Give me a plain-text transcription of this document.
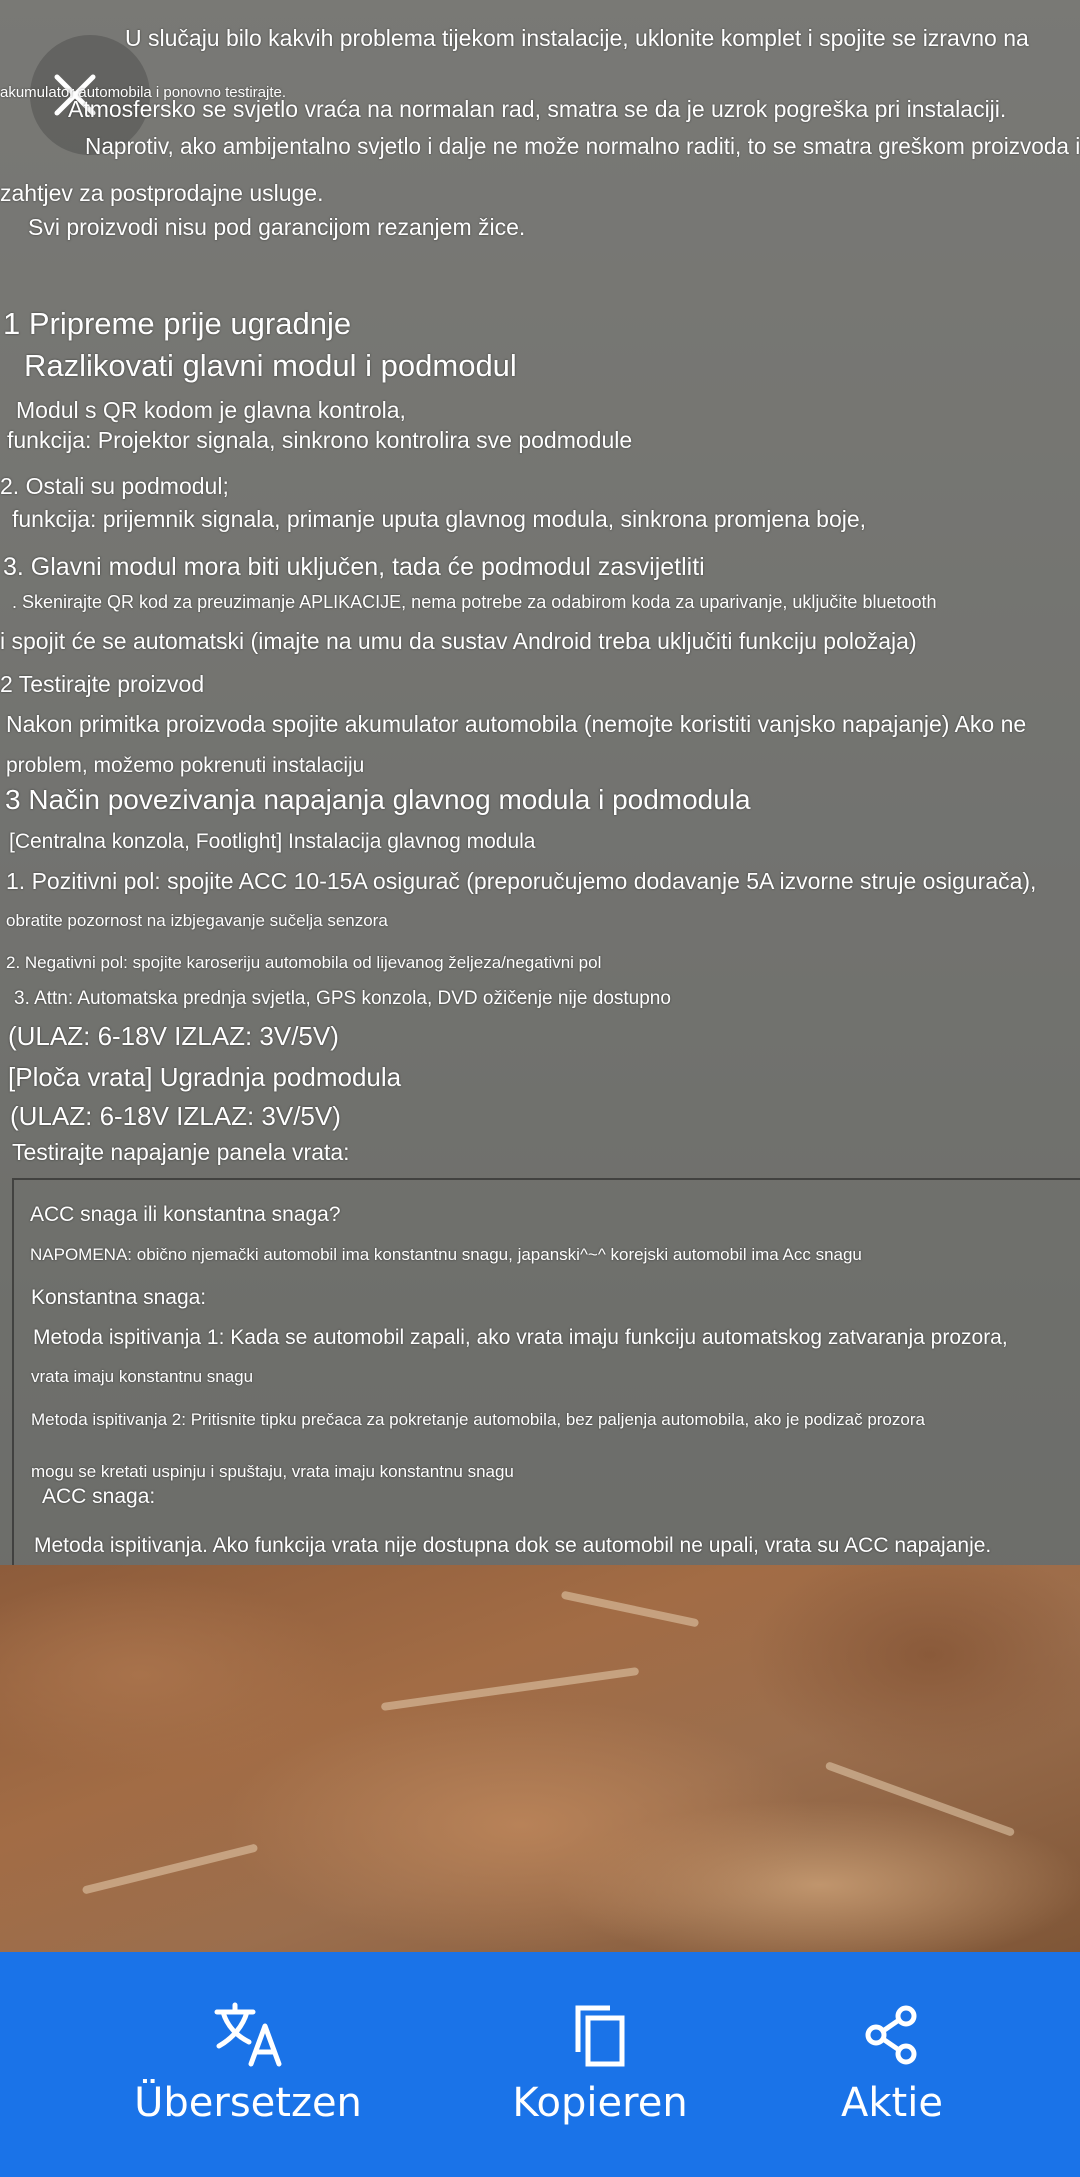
U slučaju bilo kakvih problema tijekom instalacije, uklonite komplet i spojite se izravno na
akumulator automobila i ponovno testirajte.
Atmosfersko se svjetlo vraća na normalan rad, smatra se da je uzrok pogreška pri instalaciji.
Naprotiv, ako ambijentalno svjetlo i dalje ne može normalno raditi, to se smatra greškom proizvoda i
zahtjev za postprodajne usluge.
Svi proizvodi nisu pod garancijom rezanjem žice.
1 Pripreme prije ugradnje
Razlikovati glavni modul i podmodul
Modul s QR kodom je glavna kontrola,
funkcija: Projektor signala, sinkrono kontrolira sve podmodule
2. Ostali su podmodul;
funkcija: prijemnik signala, primanje uputa glavnog modula, sinkrona promjena boje,
3. Glavni modul mora biti uključen, tada će podmodul zasvijetliti
. Skenirajte QR kod za preuzimanje APLIKACIJE, nema potrebe za odabirom koda za uparivanje, uključite bluetooth
i spojit će se automatski (imajte na umu da sustav Android treba uključiti funkciju položaja)
2 Testirajte proizvod
Nakon primitka proizvoda spojite akumulator automobila (nemojte koristiti vanjsko napajanje) Ako ne
problem, možemo pokrenuti instalaciju
3 Način povezivanja napajanja glavnog modula i podmodula
[Centralna konzola, Footlight] Instalacija glavnog modula
1. Pozitivni pol: spojite ACC 10-15A osigurač (preporučujemo dodavanje 5A izvorne struje osigurača),
obratite pozornost na izbjegavanje sučelja senzora
2. Negativni pol: spojite karoseriju automobila od lijevanog željeza/negativni pol
3. Attn: Automatska prednja svjetla, GPS konzola, DVD ožičenje nije dostupno
(ULAZ: 6-18V IZLAZ: 3V/5V)
[Ploča vrata] Ugradnja podmodula
(ULAZ: 6-18V IZLAZ: 3V/5V)
Testirajte napajanje panela vrata:
ACC snaga ili konstantna snaga?
NAPOMENA: obično njemački automobil ima konstantnu snagu, japanski^~^ korejski automobil ima Acc snagu
Konstantna snaga:
Metoda ispitivanja 1: Kada se automobil zapali, ako vrata imaju funkciju automatskog zatvaranja prozora,
vrata imaju konstantnu snagu
Metoda ispitivanja 2: Pritisnite tipku prečaca za pokretanje automobila, bez paljenja automobila, ako je podizač prozora
mogu se kretati uspinju i spuštaju, vrata imaju konstantnu snagu
ACC snaga:
Metoda ispitivanja. Ako funkcija vrata nije dostupna dok se automobil ne upali, vrata su ACC napajanje.
Übersetzen	Kopieren	Aktie
